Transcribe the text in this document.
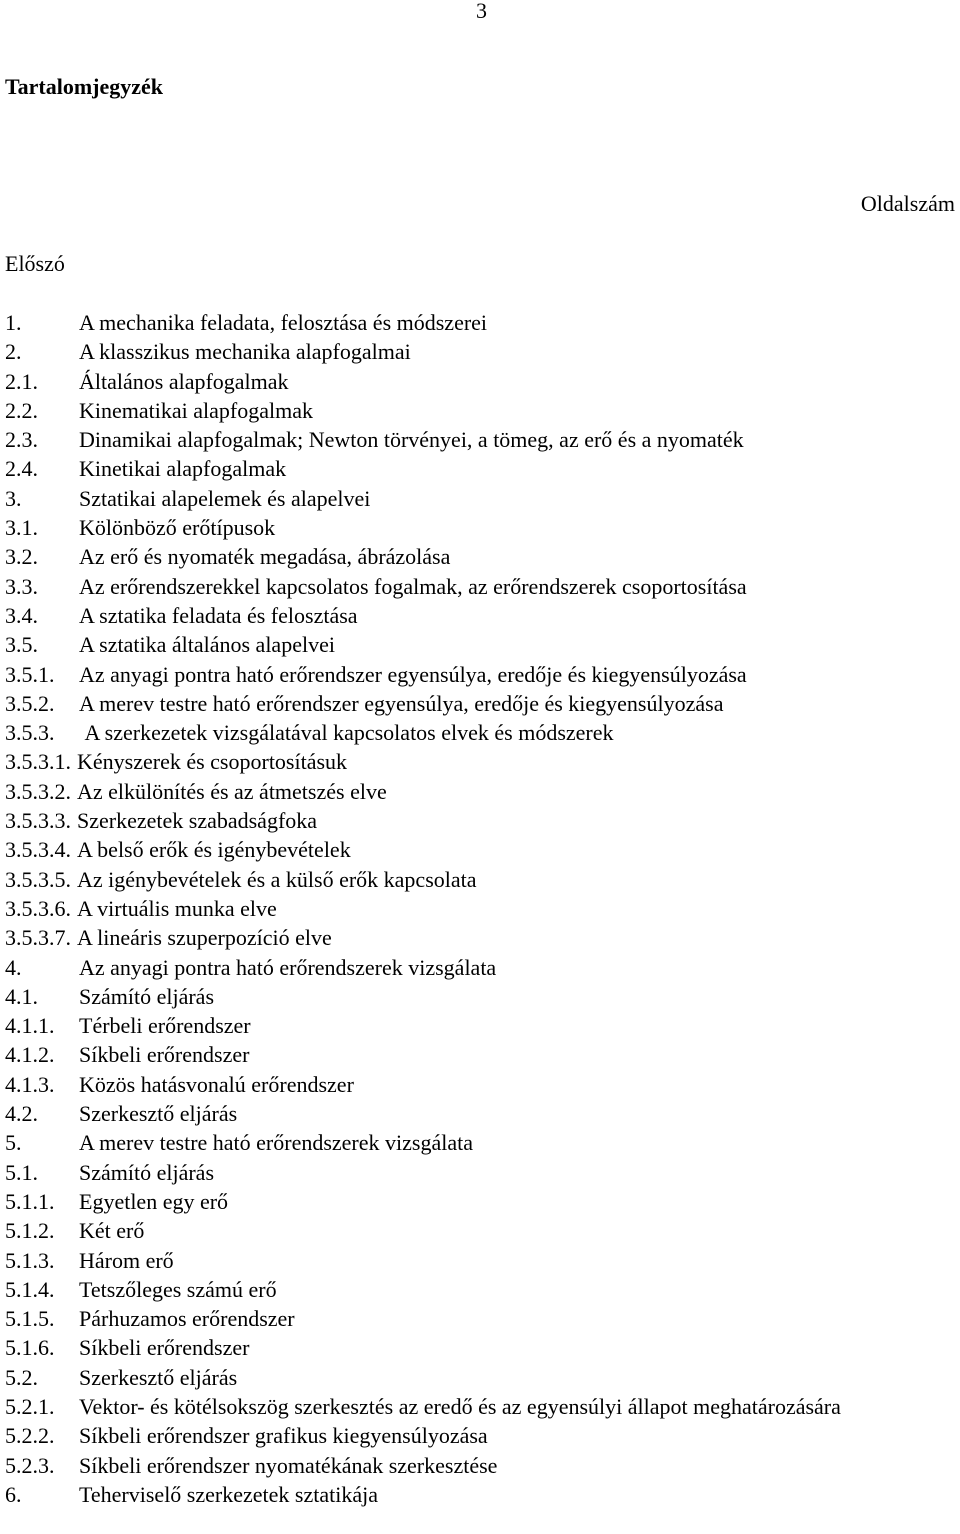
3
Tartalomjegyzék
Oldalszám
Előszó
1.	A mechanika feladata, felosztása és módszerei
2.	A klasszikus mechanika alapfogalmai
2.1.	Általános alapfogalmak
2.2.	Kinematikai alapfogalmak
2.3.	Dinamikai alapfogalmak; Newton törvényei, a tömeg, az erő és a nyomaték
2.4.	Kinetikai alapfogalmak
3.	Sztatikai alapelemek és alapelvei
3.1.	Kölönböző erőtípusok
3.2.	Az erő és nyomaték megadása, ábrázolása
3.3.	Az erőrendszerekkel kapcsolatos fogalmak, az erőrendszerek csoportosítása
3.4.	A sztatika feladata és felosztása
3.5.	A sztatika általános alapelvei
3.5.1.	Az anyagi pontra ható erőrendszer egyensúlya, eredője és kiegyensúlyozása
3.5.2.	A merev testre ható erőrendszer egyensúlya, eredője és kiegyensúlyozása
3.5.3.	A szerkezetek vizsgálatával kapcsolatos elvek és módszerek
3.5.3.1. Kényszerek és csoportosításuk
3.5.3.2. Az elkülönítés és az átmetszés elve
3.5.3.3. Szerkezetek szabadságfoka
3.5.3.4. A belső erők és igénybevételek
3.5.3.5. Az igénybevételek és a külső erők kapcsolata
3.5.3.6. A virtuális munka elve
3.5.3.7. A lineáris szuperpozíció elve
4.	Az anyagi pontra ható erőrendszerek vizsgálata
4.1.	Számító eljárás
4.1.1.	Térbeli erőrendszer
4.1.2.	Síkbeli erőrendszer
4.1.3.	Közös hatásvonalú erőrendszer
4.2.	Szerkesztő eljárás
5.	A merev testre ható erőrendszerek vizsgálata
5.1.	Számító eljárás
5.1.1.	Egyetlen egy erő
5.1.2.	Két erő
5.1.3.	Három erő
5.1.4.	Tetszőleges számú erő
5.1.5.	Párhuzamos erőrendszer
5.1.6.	Síkbeli erőrendszer
5.2.	Szerkesztő eljárás
5.2.1.	Vektor- és kötélsokszög szerkesztés az eredő és az egyensúlyi állapot meghatározására
5.2.2.	Síkbeli erőrendszer grafikus kiegyensúlyozása
5.2.3.	Síkbeli erőrendszer nyomatékának szerkesztése
6.	Teherviselő szerkezetek sztatikája
